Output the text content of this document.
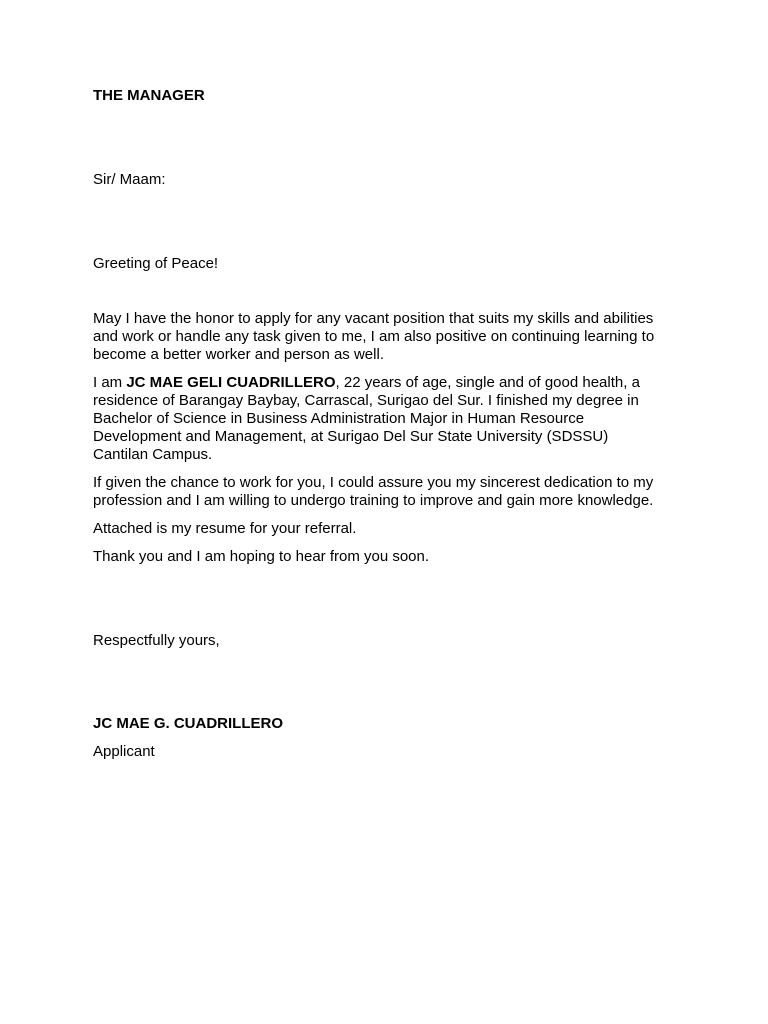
THE MANAGER
Sir/ Maam:
Greeting of Peace!
May I have the honor to apply for any vacant position that suits my skills and abilities
and work or handle any task given to me, I am also positive on continuing learning to
become a better worker and person as well.
I am JC MAE GELI CUADRILLERO, 22 years of age, single and of good health, a
residence of Barangay Baybay, Carrascal, Surigao del Sur. I finished my degree in
Bachelor of Science in Business Administration Major in Human Resource
Development and Management, at Surigao Del Sur State University (SDSSU)
Cantilan Campus.
If given the chance to work for you, I could assure you my sincerest dedication to my
profession and I am willing to undergo training to improve and gain more knowledge.
Attached is my resume for your referral.
Thank you and I am hoping to hear from you soon.
Respectfully yours,
JC MAE G. CUADRILLERO
Applicant
